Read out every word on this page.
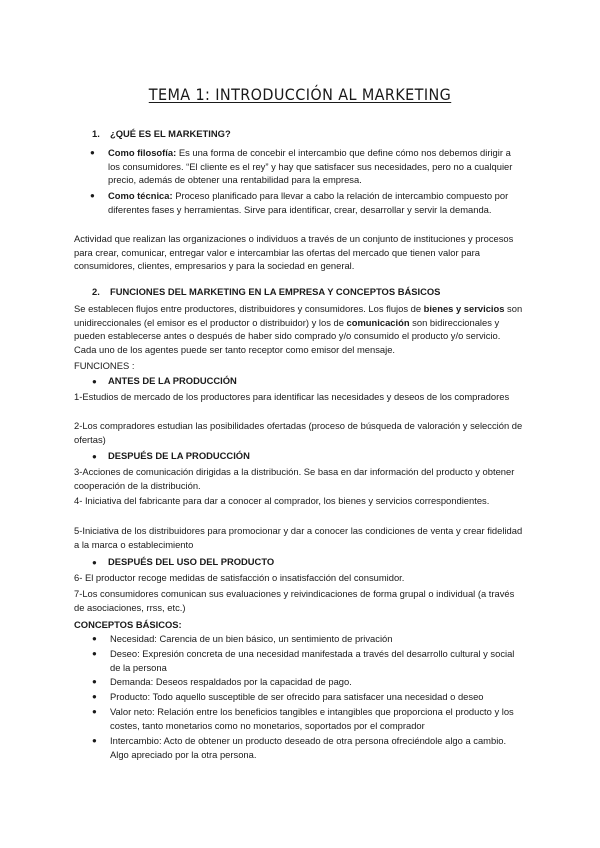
TEMA 1: INTRODUCCIÓN AL MARKETING
1. ¿QUÉ ES EL MARKETING?
● Como filosofía: Es una forma de concebir el intercambio que define cómo nos debemos dirigir a los consumidores. “El cliente es el rey” y hay que satisfacer sus necesidades, pero no a cualquier precio, además de obtener una rentabilidad para la empresa.
● Como técnica: Proceso planificado para llevar a cabo la relación de intercambio compuesto por diferentes fases y herramientas. Sirve para identificar, crear, desarrollar y servir la demanda.
Actividad que realizan las organizaciones o individuos a través de un conjunto de instituciones y procesos para crear, comunicar, entregar valor e intercambiar las ofertas del mercado que tienen valor para consumidores, clientes, empresarios y para la sociedad en general.
2. FUNCIONES DEL MARKETING EN LA EMPRESA Y CONCEPTOS BÁSICOS
Se establecen flujos entre productores, distribuidores y consumidores. Los flujos de bienes y servicios son unidireccionales (el emisor es el productor o distribuidor) y los de comunicación son bidireccionales y pueden establecerse antes o después de haber sido comprado y/o consumido el producto y/o servicio. Cada uno de los agentes puede ser tanto receptor como emisor del mensaje.
FUNCIONES :
● ANTES DE LA PRODUCCIÓN
1-Estudios de mercado de los productores para identificar las necesidades y deseos de los compradores
2-Los compradores estudian las posibilidades ofertadas (proceso de búsqueda de valoración y selección de ofertas)
● DESPUÉS DE LA PRODUCCIÓN
3-Acciones de comunicación dirigidas a la distribución. Se basa en dar información del producto y obtener cooperación de la distribución.
4- Iniciativa del fabricante para dar a conocer al comprador, los bienes y servicios correspondientes.
5-Iniciativa de los distribuidores para promocionar y dar a conocer las condiciones de venta y crear fidelidad a la marca o establecimiento
● DESPUÉS DEL USO DEL PRODUCTO
6- El productor recoge medidas de satisfacción o insatisfacción del consumidor.
7-Los consumidores comunican sus evaluaciones y reivindicaciones de forma grupal o individual (a través de asociaciones, rrss, etc.)
CONCEPTOS BÁSICOS:
● Necesidad: Carencia de un bien básico, un sentimiento de privación
● Deseo: Expresión concreta de una necesidad manifestada a través del desarrollo cultural y social de la persona
● Demanda: Deseos respaldados por la capacidad de pago.
● Producto: Todo aquello susceptible de ser ofrecido para satisfacer una necesidad o deseo
● Valor neto: Relación entre los beneficios tangibles e intangibles que proporciona el producto y los costes, tanto monetarios como no monetarios, soportados por el comprador
● Intercambio: Acto de obtener un producto deseado de otra persona ofreciéndole algo a cambio. Algo apreciado por la otra persona.
